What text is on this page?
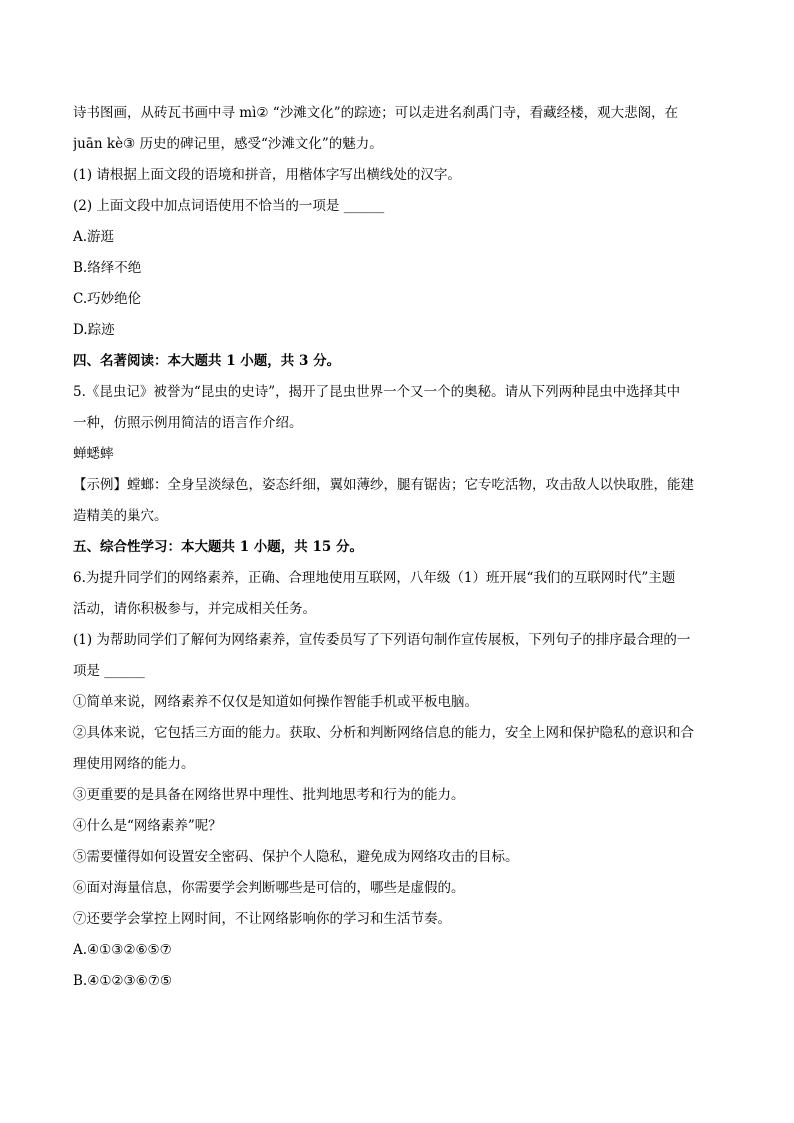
诗书图画，从砖瓦书画中寻 mì② “沙滩文化”的踪迹；可以走进名刹禹门寺，看藏经楼，观大悲阁，在
juān kè③ 历史的碑记里，感受“沙滩文化”的魅力。
(1) 请根据上面文段的语境和拼音，用楷体字写出横线处的汉字。
(2) 上面文段中加点词语使用不恰当的一项是 ______
A.游逛
B.络绎不绝
C.巧妙绝伦
D.踪迹
四、名著阅读：本大题共 1 小题，共 3 分。
5.《昆虫记》被誉为“昆虫的史诗”，揭开了昆虫世界一个又一个的奥秘。请从下列两种昆虫中选择其中
一种，仿照示例用简洁的语言作介绍。
蝉蟋蟀
【示例】螳螂：全身呈淡绿色，姿态纤细，翼如薄纱，腿有锯齿；它专吃活物，攻击敌人以快取胜，能建
造精美的巢穴。
五、综合性学习：本大题共 1 小题，共 15 分。
6.为提升同学们的网络素养，正确、合理地使用互联网，八年级（1）班开展“我们的互联网时代”主题
活动，请你积极参与，并完成相关任务。
(1) 为帮助同学们了解何为网络素养，宣传委员写了下列语句制作宣传展板，下列句子的排序最合理的一
项是 ______
①简单来说，网络素养不仅仅是知道如何操作智能手机或平板电脑。
②具体来说，它包括三方面的能力。获取、分析和判断网络信息的能力，安全上网和保护隐私的意识和合
理使用网络的能力。
③更重要的是具备在网络世界中理性、批判地思考和行为的能力。
④什么是“网络素养”呢？
⑤需要懂得如何设置安全密码、保护个人隐私，避免成为网络攻击的目标。
⑥面对海量信息，你需要学会判断哪些是可信的，哪些是虚假的。
⑦还要学会掌控上网时间，不让网络影响你的学习和生活节奏。
A.④①③②⑥⑤⑦
B.④①②③⑥⑦⑤
